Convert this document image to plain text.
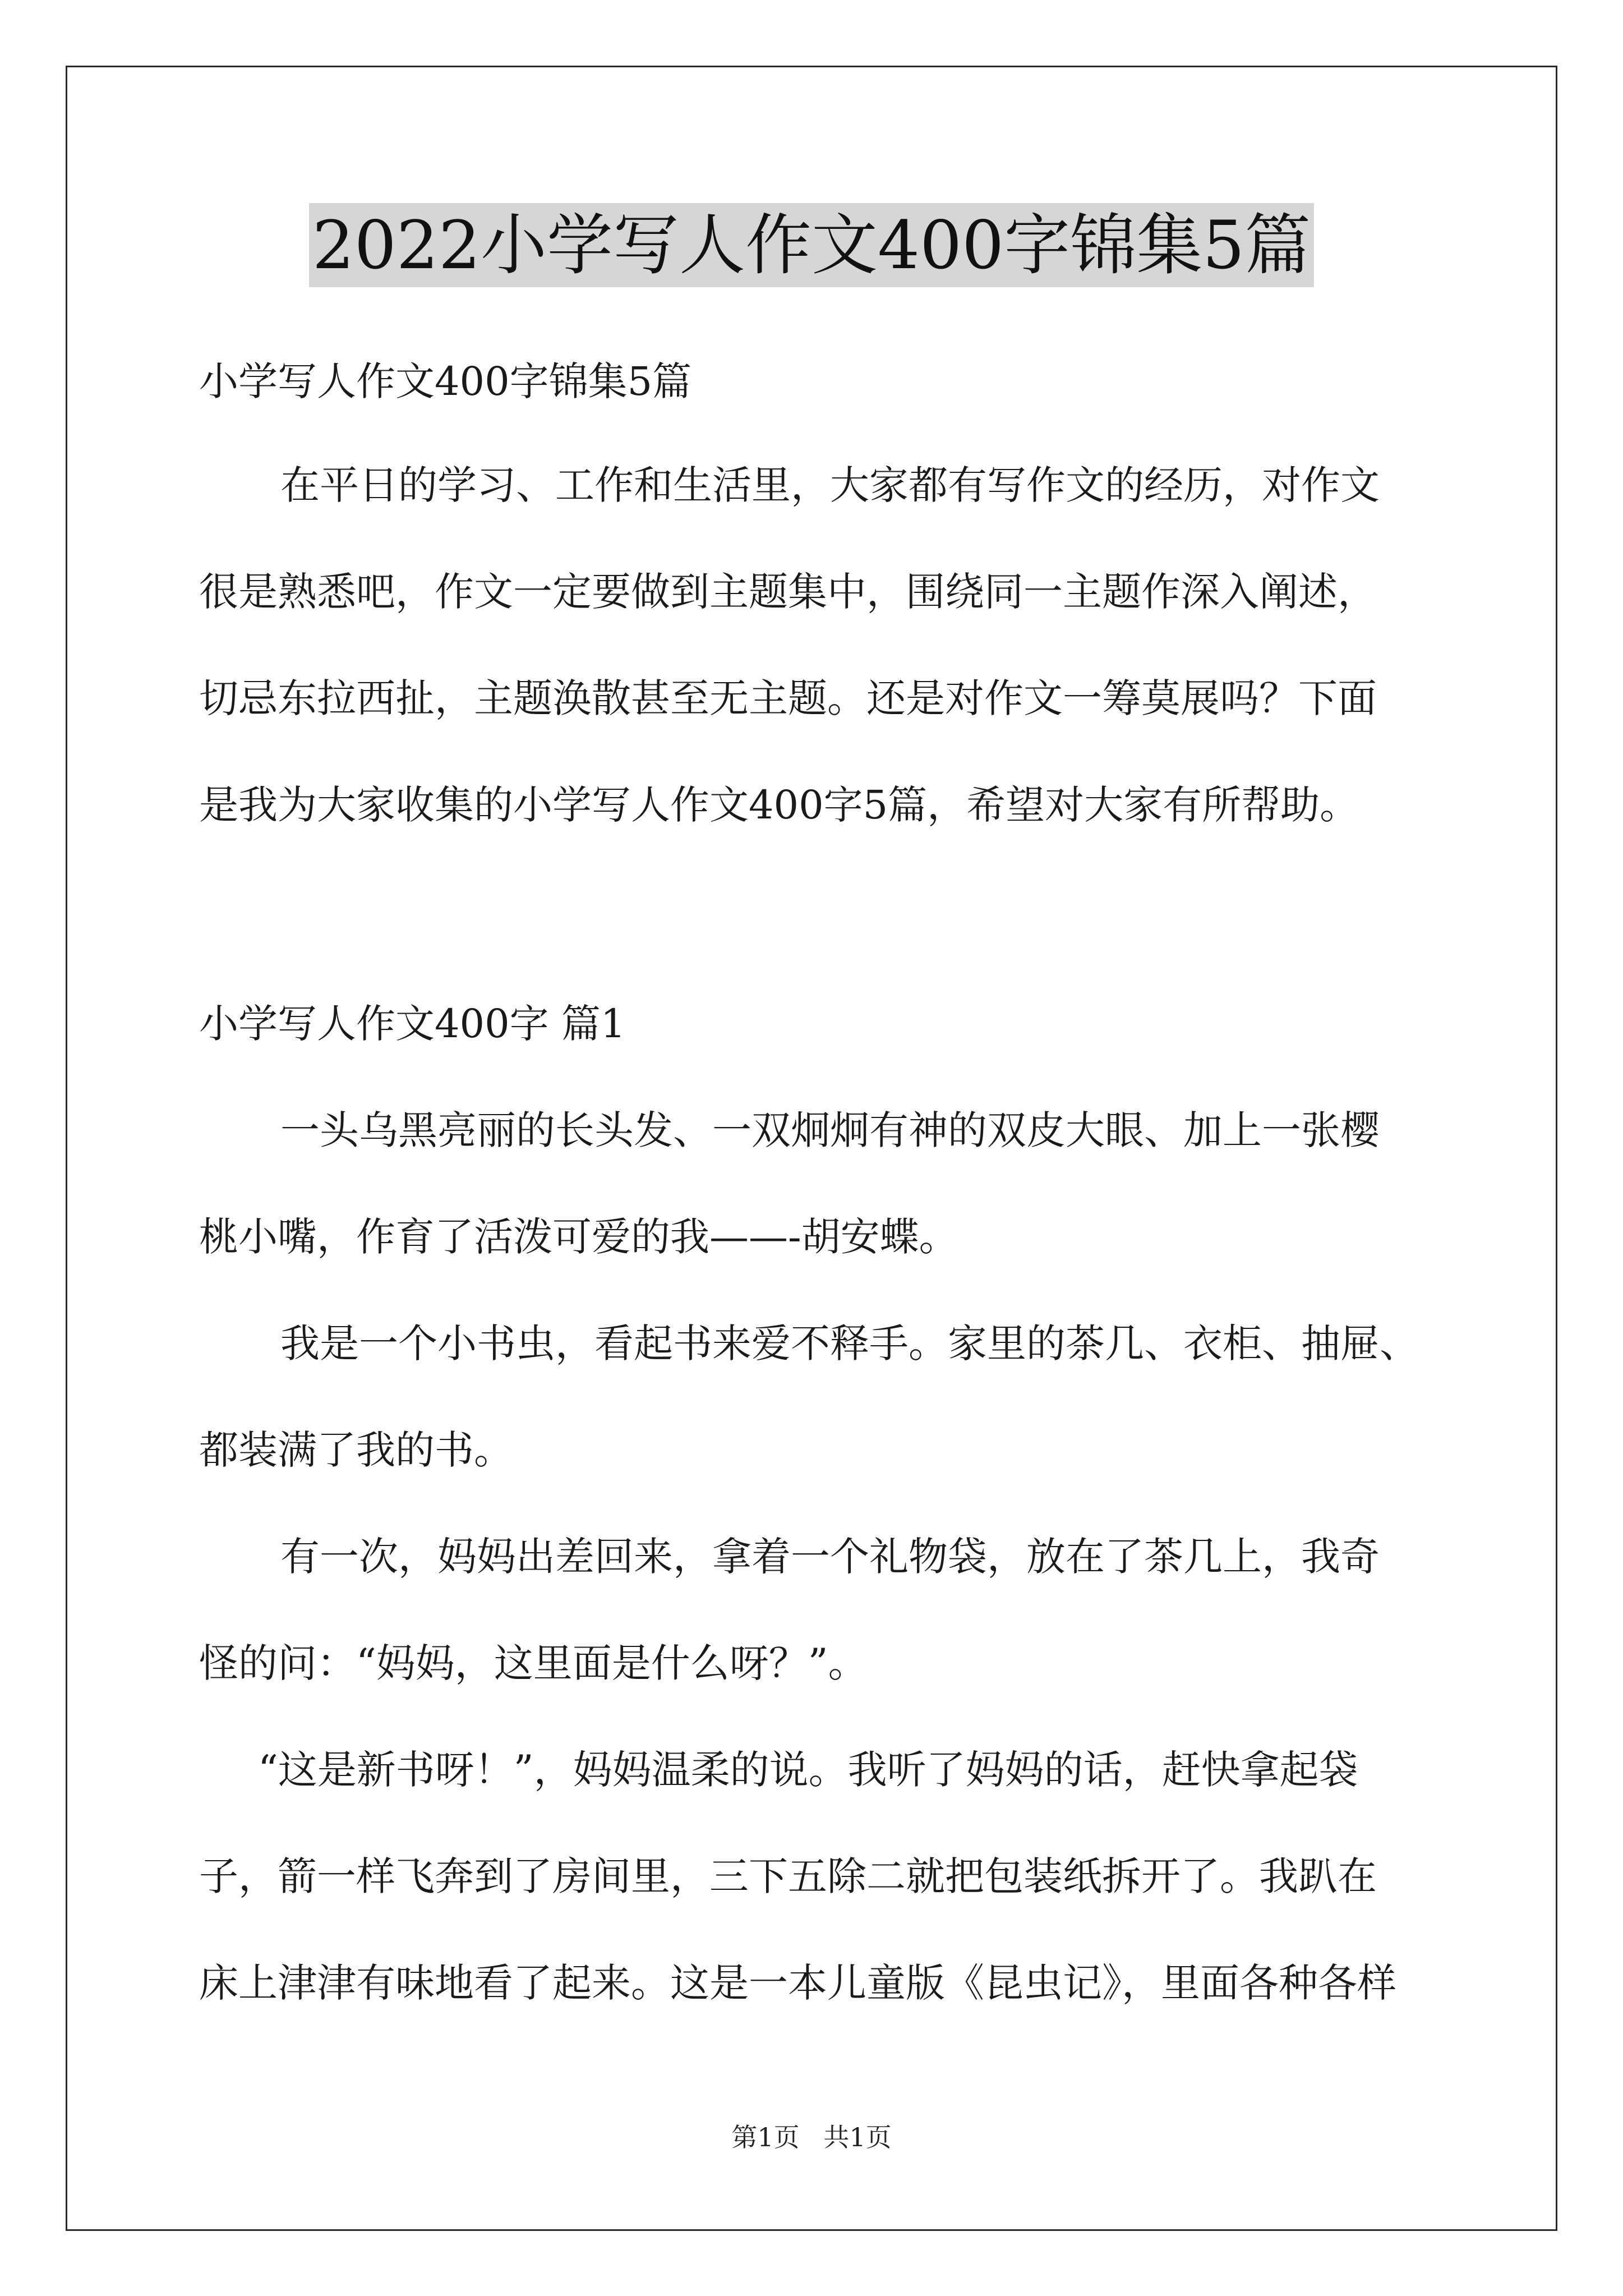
2022小学写人作文400字锦集5篇
小学写人作文400字锦集5篇
在平日的学习、工作和生活里，大家都有写作文的经历，对作文
很是熟悉吧，作文一定要做到主题集中，围绕同一主题作深入阐述，
切忌东拉西扯，主题涣散甚至无主题。还是对作文一筹莫展吗？下面
是我为大家收集的小学写人作文400字5篇，希望对大家有所帮助。
小学写人作文400字 篇1
一头乌黑亮丽的长头发、一双炯炯有神的双皮大眼、加上一张樱
桃小嘴，作育了活泼可爱的我——-胡安蝶。
我是一个小书虫，看起书来爱不释手。家里的茶几、衣柜、抽屉、
都装满了我的书。
有一次，妈妈出差回来，拿着一个礼物袋，放在了茶几上，我奇
怪的问：“妈妈，这里面是什么呀？”。
“这是新书呀！”，妈妈温柔的说。我听了妈妈的话，赶快拿起袋
子，箭一样飞奔到了房间里，三下五除二就把包装纸拆开了。我趴在
床上津津有味地看了起来。这是一本儿童版《昆虫记》，里面各种各样
第1页 共1页
